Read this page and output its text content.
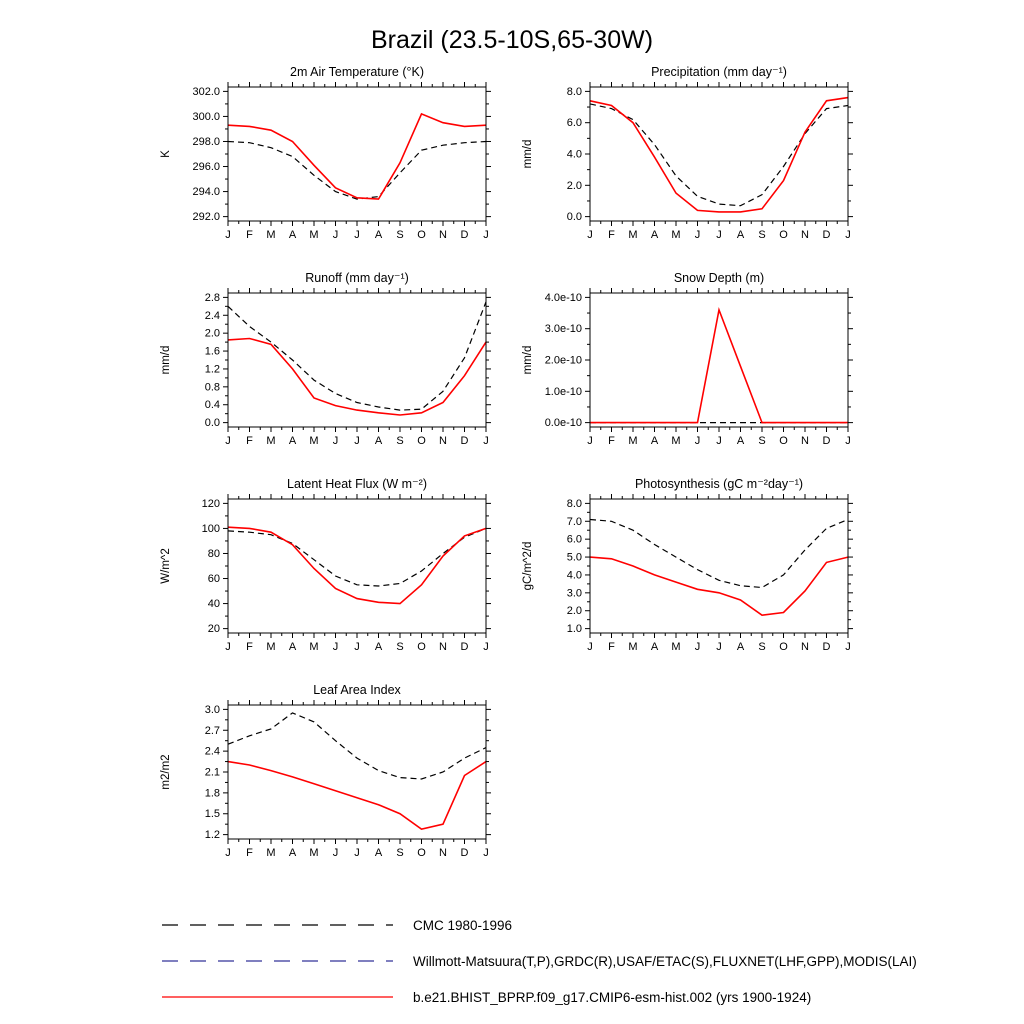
Brazil (23.5-10S,65-30W)
2m Air Temperature (°K)
K
292.0
294.0
296.0
298.0
300.0
302.0
J F M A M J J A S O N D J
Precipitation (mm day⁻¹)
mm/d
0.0
2.0
4.0
6.0
8.0
J F M A M J J A S O N D J
Runoff (mm day⁻¹)
mm/d
0.0
0.4
0.8
1.2
1.6
2.0
2.4
2.8
J F M A M J J A S O N D J
Snow Depth (m)
mm/d
0.0e-10
1.0e-10
2.0e-10
3.0e-10
4.0e-10
J F M A M J J A S O N D J
Latent Heat Flux (W m⁻²)
W/m^2
20
40
60
80
100
120
J F M A M J J A S O N D J
Photosynthesis (gC m⁻²day⁻¹)
gC/m^2/d
1.0
2.0
3.0
4.0
5.0
6.0
7.0
8.0
J F M A M J J A S O N D J
Leaf Area Index
m2/m2
1.2
1.5
1.8
2.1
2.4
2.7
3.0
J F M A M J J A S O N D J
CMC 1980-1996
Willmott-Matsuura(T,P),GRDC(R),USAF/ETAC(S),FLUXNET(LHF,GPP),MODIS(LAI)
b.e21.BHIST_BPRP.f09_g17.CMIP6-esm-hist.002 (yrs 1900-1924)
